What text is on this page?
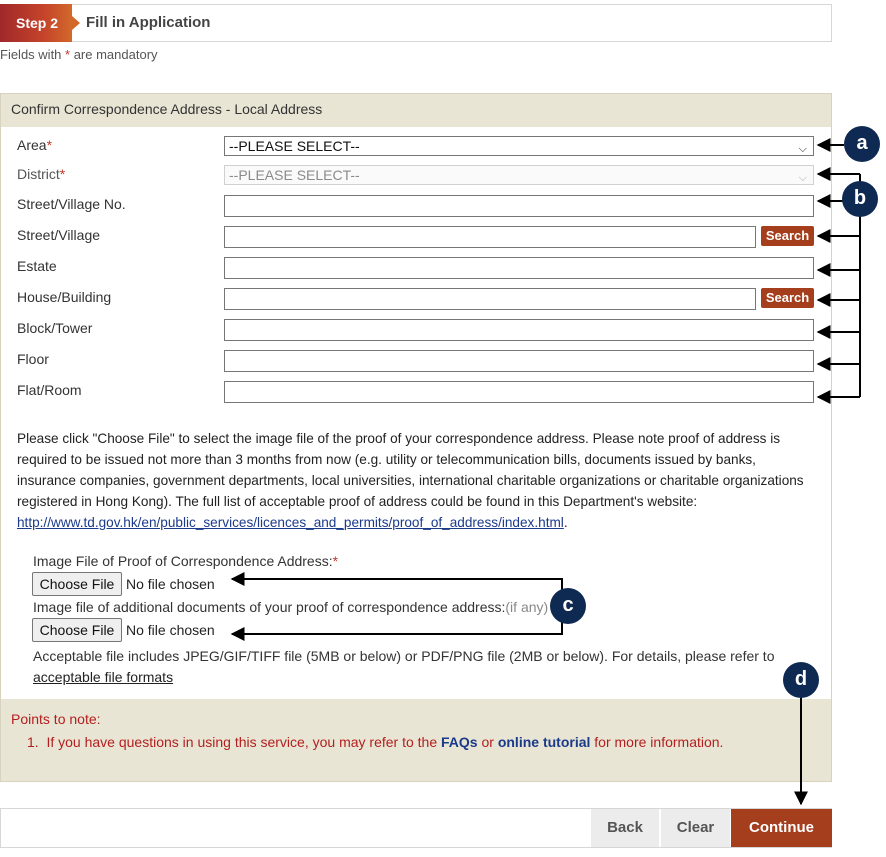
Step 2	Fill in Application
Fields with * are mandatory
Confirm Correspondence Address - Local Address
Area*	--PLEASE SELECT--	⌵
District*	--PLEASE SELECT--	⌵
Street/Village No.
Street/Village	Search
Estate
House/Building	Search
Block/Tower
Floor
Flat/Room
Please click "Choose File" to select the image file of the proof of your correspondence address. Please note proof of address is required to be issued not more than 3 months from now (e.g. utility or telecommunication bills, documents issued by banks, insurance companies, government departments, local universities, international charitable organizations or charitable organizations registered in Hong Kong). The full list of acceptable proof of address could be found in this Department's website:
http://www.td.gov.hk/en/public_services/licences_and_permits/proof_of_address/index.html.
Image File of Proof of Correspondence Address:*
Choose File No file chosen
Image file of additional documents of your proof of correspondence address:(if any)
Choose File No file chosen
Acceptable file includes JPEG/GIF/TIFF file (5MB or below) or PDF/PNG file (2MB or below). For details, please refer to
acceptable file formats
Points to note:
1. If you have questions in using this service, you may refer to the FAQs or online tutorial for more information.
Back	Clear	Continue
a
b
c
d
